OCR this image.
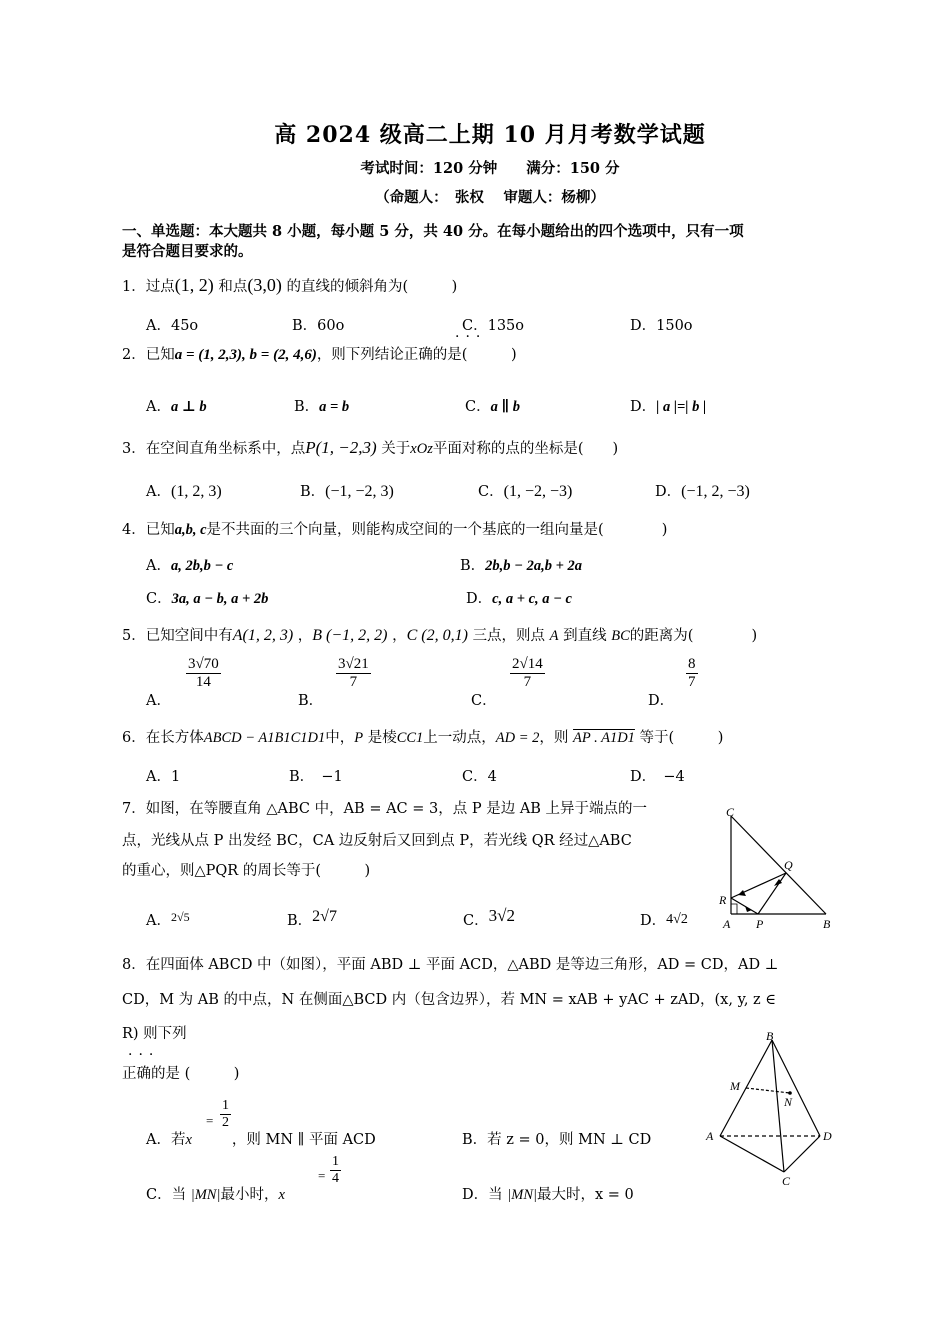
高 2024 级高二上期 10 月月考数学试题
考试时间：120 分钟　　满分：150 分
（命题人：　张权　 审题人：杨柳）
一、单选题：本大题共 8 小题，每小题 5 分，共 40 分。在每小题给出的四个选项中，只有一项
是符合题目要求的。
1．过点(1, 2) 和点(3,0) 的直线的倾斜角为(　　　)
A．45o	B．60o	C．135o	D．150o
···
2．已知a = (1, 2,3), b = (2, 4,6)，则下列结论正确的是(　　　)
A．a ⊥ b	B．a = b	C．a ∥ b	D．| a |=| b |
3．在空间直角坐标系中，点P(1, −2,3) 关于xOz平面对称的点的坐标是(　　)
A．(1, 2, 3)	B．(−1, −2, 3)	C．(1, −2, −3)	D．(−1, 2, −3)
4．已知a,b, c是不共面的三个向量，则能构成空间的一个基底的一组向量是(　　　　)
A．a, 2b,b − c	B．2b,b − 2a,b + 2a
C．3a, a − b, a + 2b	D．c, a + c, a − c
5．已知空间中有A(1, 2, 3) ，B (−1, 2, 2) ，C (2, 0,1) 三点，则点 A 到直线 BC的距离为(　　　　)
A．
$\frac{3√70}{14}$
B．
$\frac{3√21}{7}$
C．
$\frac{2√14}{7}$
D．
$\frac{8}{7}$
6．在长方体ABCD − A1B1C1D1中，P 是棱CC1上一动点，AD = 2，则 AP . A1D1 等于(　　　)
A．1	B．　−1	C．4	D．　−4
7．如图，在等腰直角 △ABC 中，AB = AC = 3，点 P 是边 AB 上异于端点的一
点，光线从点 P 出发经 BC，CA 边反射后又回到点 P，若光线 QR 经过△ABC
的重心，则△PQR 的周长等于(　　　)
A．$^{2√5}$	B．2√7	C．3√2	D．4√2
C
Q
R
A P	B
8．在四面体 ABCD 中（如图），平面 ABD ⊥ 平面 ACD，△ABD 是等边三角形，AD = CD，AD ⊥
CD，M 为 AB 的中点，N 在侧面△BCD 内（包含边界），若 MN = xAB + yAC + zAD，(x, y, z ∈
R) 则下列
···
正确的是 (　　　)
A．若x	，则 MN ∥ 平面 ACD
= $\frac{1}{2}$
B．若 z = 0，则 MN ⊥ CD
C．当 |MN|最小时，x
= $\frac{1}{4}$
D．当 |MN|最大时，x = 0
B
M
N
A	D
C
